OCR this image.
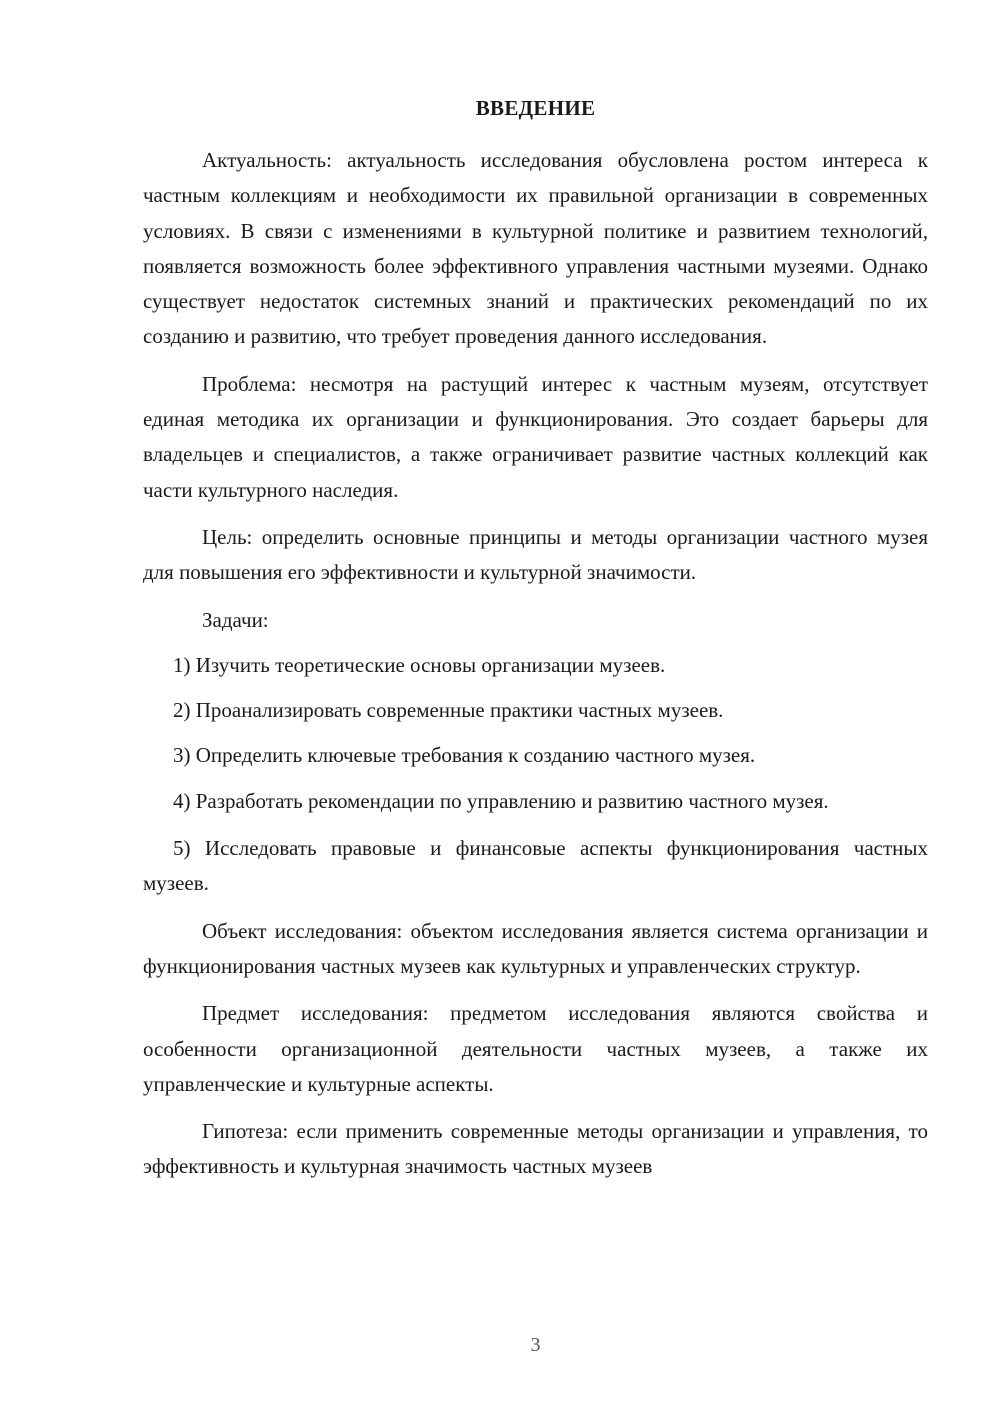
ВВЕДЕНИЕ

Актуальность: актуальность исследования обусловлена ростом интереса к частным коллекциям и необходимости их правильной организации в современных условиях. В связи с изменениями в культурной политике и развитием технологий, появляется возможность более эффективного управления частными музеями. Однако существует недостаток системных знаний и практических рекомендаций по их созданию и развитию, что требует проведения данного исследования.

Проблема: несмотря на растущий интерес к частным музеям, отсутствует единая методика их организации и функционирования. Это создает барьеры для владельцев и специалистов, а также ограничивает развитие частных коллекций как части культурного наследия.

Цель: определить основные принципы и методы организации частного музея для повышения его эффективности и культурной значимости.

Задачи:

1) Изучить теоретические основы организации музеев.

2) Проанализировать современные практики частных музеев.

3) Определить ключевые требования к созданию частного музея.

4) Разработать рекомендации по управлению и развитию частного музея.

5) Исследовать правовые и финансовые аспекты функционирования частных музеев.

Объект исследования: объектом исследования является система организации и функционирования частных музеев как культурных и управленческих структур.

Предмет исследования: предметом исследования являются свойства и особенности организационной деятельности частных музеев, а также их управленческие и культурные аспекты.

Гипотеза: если применить современные методы организации и управления, то эффективность и культурная значимость частных музеев

3
